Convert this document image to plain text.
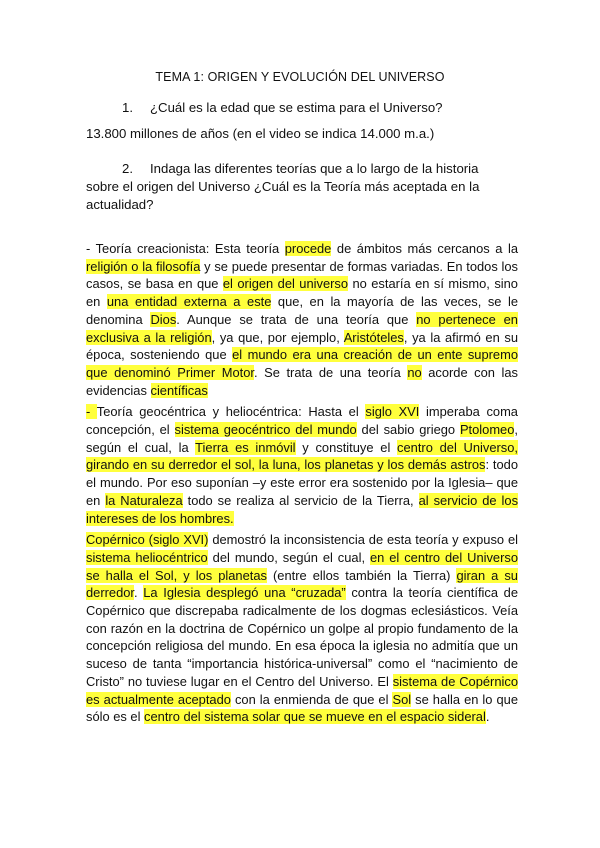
TEMA 1: ORIGEN Y EVOLUCIÓN DEL UNIVERSO
1. ¿Cuál es la edad que se estima para el Universo?
13.800 millones de años (en el video se indica 14.000 m.a.)
2. Indaga las diferentes teorías que a lo largo de la historia
sobre el origen del Universo ¿Cuál es la Teoría más aceptada en la
actualidad?

- Teoría creacionista: Esta teoría procede de ámbitos más cercanos a la religión o la filosofía y se puede presentar de formas variadas. En todos los casos, se basa en que el origen del universo no estaría en sí mismo, sino en una entidad externa a este que, en la mayoría de las veces, se le denomina Dios. Aunque se trata de una teoría que no pertenece en exclusiva a la religión, ya que, por ejemplo, Aristóteles, ya la afirmó en su época, sosteniendo que el mundo era una creación de un ente supremo que denominó Primer Motor. Se trata de una teoría no acorde con las evidencias científicas

- Teoría geocéntrica y heliocéntrica: Hasta el siglo XVI imperaba coma concepción, el sistema geocéntrico del mundo del sabio griego Ptolomeo, según el cual, la Tierra es inmóvil y constituye el centro del Universo, girando en su derredor el sol, la luna, los planetas y los demás astros: todo el mundo. Por eso suponían –y este error era sostenido por la Iglesia– que en la Naturaleza todo se realiza al servicio de la Tierra, al servicio de los intereses de los hombres.

Copérnico (siglo XVI) demostró la inconsistencia de esta teoría y expuso el sistema heliocéntrico del mundo, según el cual, en el centro del Universo se halla el Sol, y los planetas (entre ellos también la Tierra) giran a su derredor. La Iglesia desplegó una “cruzada” contra la teoría científica de Copérnico que discrepaba radicalmente de los dogmas eclesiásticos. Veía con razón en la doctrina de Copérnico un golpe al propio fundamento de la concepción religiosa del mundo. En esa época la iglesia no admitía que un suceso de tanta “importancia histórica-universal” como el “nacimiento de Cristo” no tuviese lugar en el Centro del Universo. El sistema de Copérnico es actualmente aceptado con la enmienda de que el Sol se halla en lo que sólo es el centro del sistema solar que se mueve en el espacio sideral.
